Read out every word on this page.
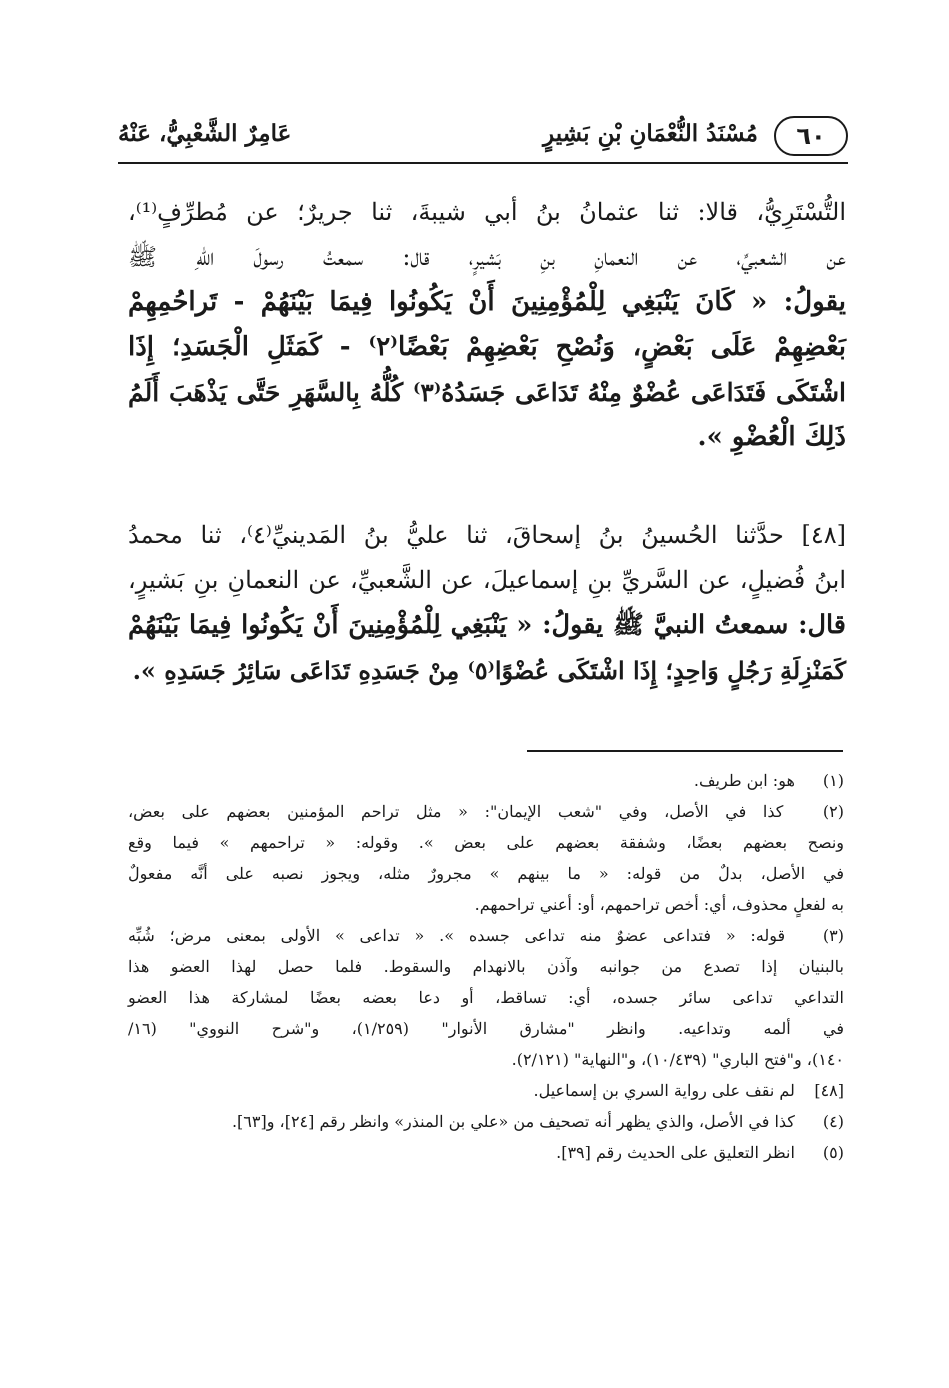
٦٠
مُسْنَدُ النُّعْمَانِ بْنِ بَشِيرٍ
عَامِرٌ الشَّعْبِيُّ، عَنْهُ
التُّسْتَرِيُّ، قالا: ثنا عثمانُ بنُ أبي شيبةَ، ثنا جريرٌ؛ عن مُطرِّفٍ⁽¹⁾،
عن الشعبيِّ، عن النعمانِ بنِ بَشيرٍ، قال: سمعتُ رسولَ اللهِ ﷺ
يقولُ: « كَانَ يَنْبَغِي لِلْمُؤْمِنِينَ أَنْ يَكُونُوا فِيمَا بَيْنَهُمْ - تَراحُمِهِمْ
بَعْضِهِمْ عَلَى بَعْضٍ، وَنُصْحِ بَعْضِهِمْ بَعْضًا⁽٢⁾ - كَمَثَلِ الْجَسَدِ؛ إِذَا
اشْتَكَى فَتَدَاعَى عُضْوٌ مِنْهُ تَدَاعَى جَسَدُهُ⁽٣⁾ كُلُّهُ بِالسَّهَرِ حَتَّى يَذْهَبَ أَلَمُ
ذَلِكَ الْعُضْوِ ».
[٤٨] حدَّثنا الحُسينُ بنُ إسحاقَ، ثنا عليُّ بنُ المَدينيِّ⁽٤⁾، ثنا محمدُ
ابنُ فُضيلٍ، عن السَّريِّ بنِ إسماعيلَ، عن الشَّعبيِّ، عن النعمانِ بنِ بَشيرٍ،
قال: سمعتُ النبيَّ ﷺ يقولُ: « يَنْبَغِي لِلْمُؤْمِنِينَ أَنْ يَكُونُوا فِيمَا بَيْنَهُمْ
كَمَنْزِلَةِ رَجُلٍ وَاحِدٍ؛ إِذَا اشْتَكَى عُضْوًا⁽٥⁾ مِنْ جَسَدِهِ تَدَاعَى سَائِرُ جَسَدِهِ ».
(١) هو: ابن طريف.
(٢) كذا في الأصل، وفي "شعب الإيمان": « مثل تراحم المؤمنين بعضهم على بعض،
ونصح بعضهم بعضًا، وشفقة بعضهم على بعض ». وقوله: « تراحمهم » فيما وقع
في الأصل، بدلٌ من قوله: « ما بينهم » مجرورٌ مثله، ويجوز نصبه على أنَّه مفعولٌ
به لفعلٍ محذوف، أي: أخص تراحمهم، أو: أعني تراحمهم.
(٣) قوله: « فتداعى عضوٌ منه تداعى جسده ». « تداعى » الأولى بمعنى مرض؛ شُبِّه
بالبنيان إذا تصدع من جوانبه وآذن بالانهدام والسقوط. فلما حصل لهذا العضو هذا
التداعي تداعى سائر جسده، أي: تساقط، أو دعا بعضه بعضًا لمشاركة هذا العضو
في ألمه وتداعيه. وانظر "مشارق الأنوار" (١/٢٥٩)، و"شرح النووي" (١٦/
١٤٠)، و"فتح الباري" (١٠/٤٣٩)، و"النهاية" (٢/١٢١).
[٤٨] لم نقف على رواية السري بن إسماعيل.
(٤) كذا في الأصل، والذي يظهر أنه تصحيف من «علي بن المنذر» وانظر رقم [٢٤]، و[٦٣].
(٥) انظر التعليق على الحديث رقم [٣٩].
